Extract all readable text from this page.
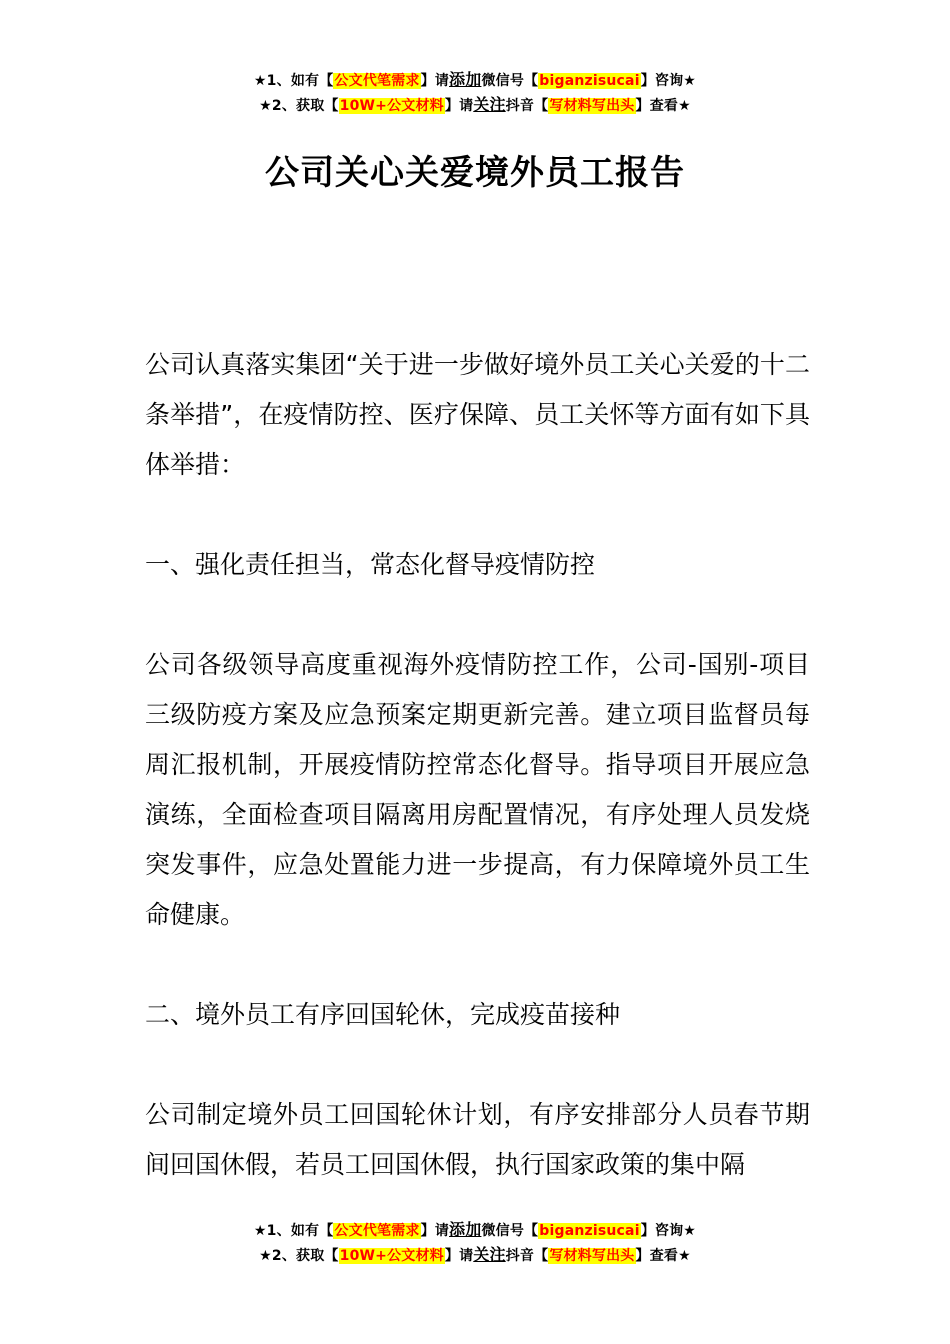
★1、如有【公文代笔需求】请添加微信号【biganzisucai】咨询★
★2、获取【10W+公文材料】请关注抖音【写材料写出头】查看★
公司关心关爱境外员工报告

公司认真落实集团“关于进一步做好境外员工关心关爱的十二条举措”，在疫情防控、医疗保障、员工关怀等方面有如下具体举措：

一、强化责任担当，常态化督导疫情防控

公司各级领导高度重视海外疫情防控工作，公司-国别-项目三级防疫方案及应急预案定期更新完善。建立项目监督员每周汇报机制，开展疫情防控常态化督导。指导项目开展应急演练，全面检查项目隔离用房配置情况，有序处理人员发烧突发事件，应急处置能力进一步提高，有力保障境外员工生命健康。

二、境外员工有序回国轮休，完成疫苗接种

公司制定境外员工回国轮休计划，有序安排部分人员春节期间回国休假，若员工回国休假，执行国家政策的集中隔

★1、如有【公文代笔需求】请添加微信号【biganzisucai】咨询★
★2、获取【10W+公文材料】请关注抖音【写材料写出头】查看★
